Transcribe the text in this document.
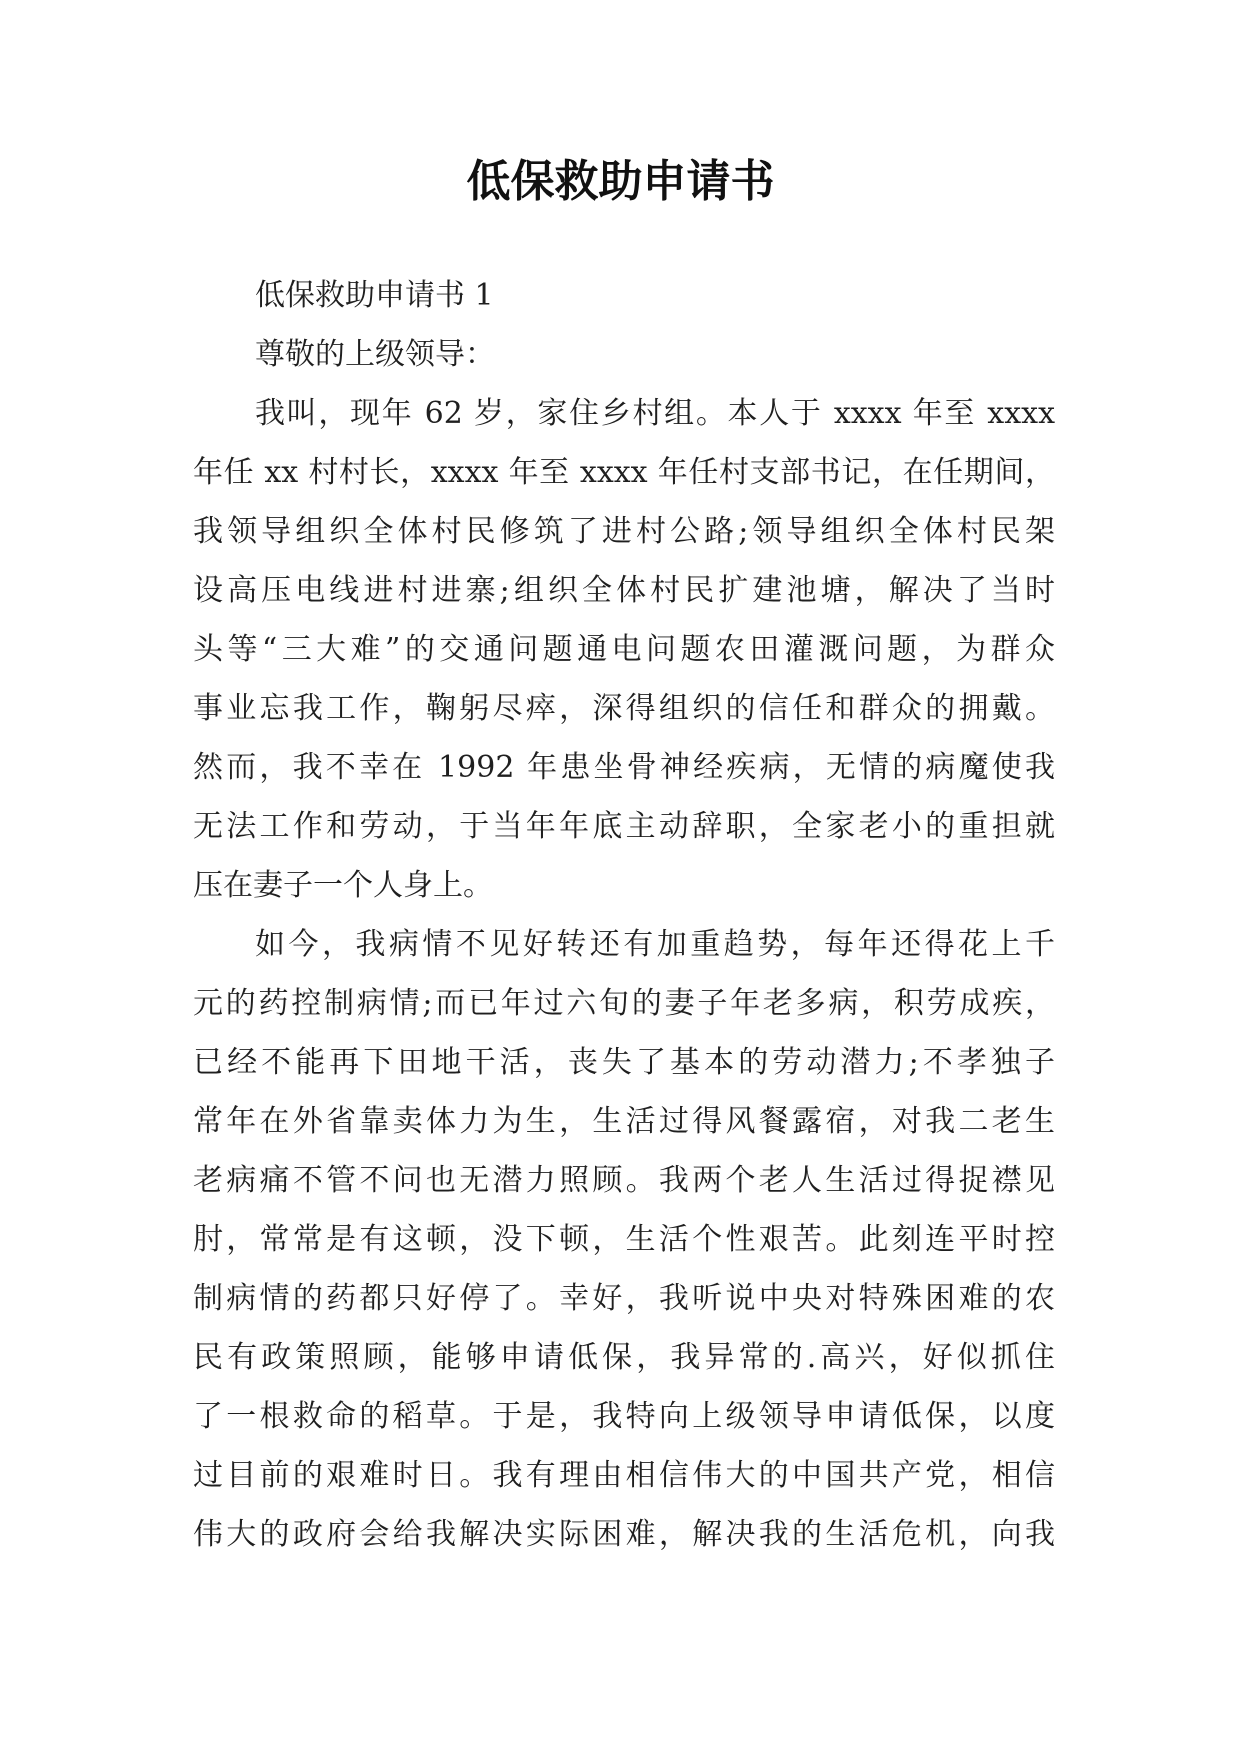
低保救助申请书
低保救助申请书 1
尊敬的上级领导：
我叫，现年 62 岁，家住乡村组。本人于 xxxx 年至 xxxx
年任 xx 村村长，xxxx 年至 xxxx 年任村支部书记，在任期间，
我领导组织全体村民修筑了进村公路;领导组织全体村民架
设高压电线进村进寨;组织全体村民扩建池塘，解决了当时
头等“三大难”的交通问题通电问题农田灌溉问题，为群众
事业忘我工作，鞠躬尽瘁，深得组织的信任和群众的拥戴。
然而，我不幸在 1992 年患坐骨神经疾病，无情的病魔使我
无法工作和劳动，于当年年底主动辞职，全家老小的重担就
压在妻子一个人身上。
如今，我病情不见好转还有加重趋势，每年还得花上千
元的药控制病情;而已年过六旬的妻子年老多病，积劳成疾，
已经不能再下田地干活，丧失了基本的劳动潜力;不孝独子
常年在外省靠卖体力为生，生活过得风餐露宿，对我二老生
老病痛不管不问也无潜力照顾。我两个老人生活过得捉襟见
肘，常常是有这顿，没下顿，生活个性艰苦。此刻连平时控
制病情的药都只好停了。幸好，我听说中央对特殊困难的农
民有政策照顾，能够申请低保，我异常的.高兴，好似抓住
了一根救命的稻草。于是，我特向上级领导申请低保，以度
过目前的艰难时日。我有理由相信伟大的中国共产党，相信
伟大的政府会给我解决实际困难，解决我的生活危机，向我
